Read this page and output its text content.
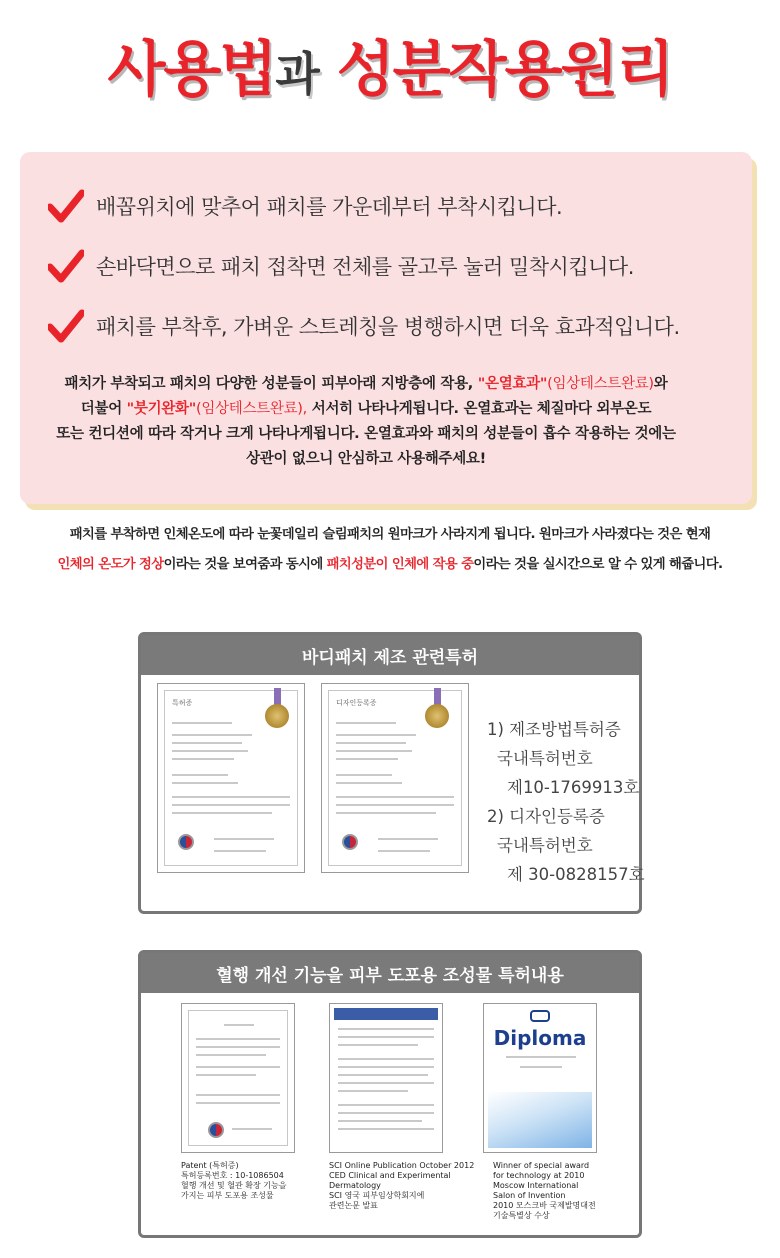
사용법과 성분작용원리
배꼽위치에 맞추어 패치를 가운데부터 부착시킵니다.
손바닥면으로 패치 접착면 전체를 골고루 눌러 밀착시킵니다.
패치를 부착후, 가벼운 스트레칭을 병행하시면 더욱 효과적입니다.
패치가 부착되고 패치의 다양한 성분들이 피부아래 지방층에 작용, "온열효과"(임상테스트완료)와
더불어 "붓기완화"(임상테스트완료), 서서히 나타나게됩니다. 온열효과는 체질마다 외부온도
또는 컨디션에 따라 작거나 크게 나타나게됩니다. 온열효과와 패치의 성분들이 흡수 작용하는 것에는
상관이 없으니 안심하고 사용해주세요!
패치를 부착하면 인체온도에 따라 눈꽃데일리 슬림패치의 원마크가 사라지게 됩니다. 원마크가 사라졌다는 것은 현재
인체의 온도가 정상이라는 것을 보여줌과 동시에 패치성분이 인체에 작용 중이라는 것을 실시간으로 알 수 있게 해줍니다.
바디패치 제조 관련특허
특허증	디자인등록증
1) 제조방법특허증
국내특허번호
제10-1769913호
2) 디자인등록증
국내특허번호
제 30-0828157호
혈행 개선 기능을 피부 도포용 조성물 특허내용
Diploma
Patent (특허증)
특허등록번호 : 10-1086504
혈행 개선 및 혈관 확장 기능을
가지는 피부 도포용 조성물
SCI Online Publication October 2012
CED Clinical and Experimental
Dermatology
SCI 영국 피부임상학회지에
관련논문 발표
Winner of special award
for technology at 2010
Moscow International
Salon of Invention
2010 모스크바 국제발명대전
기술특별상 수상
